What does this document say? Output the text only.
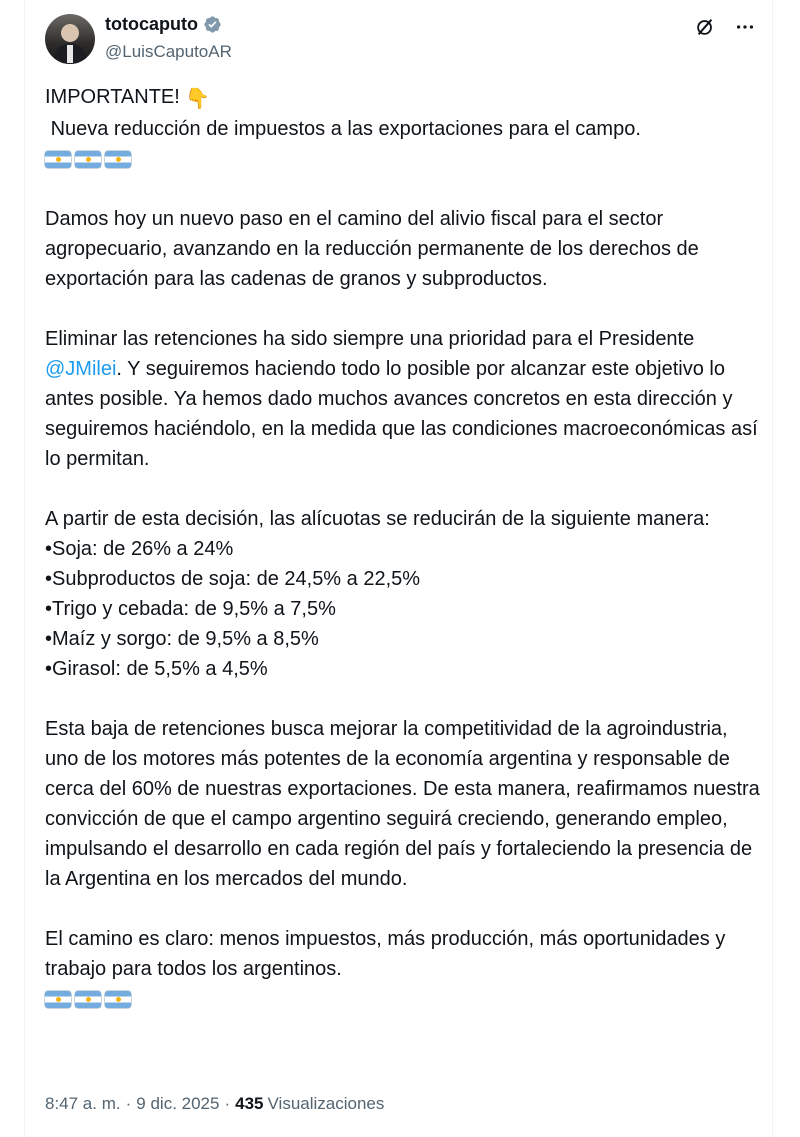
totocaputo
@LuisCaputoAR

IMPORTANTE! 👇

Nueva reducción de impuestos a las exportaciones para el campo.

Damos hoy un nuevo paso en el camino del alivio fiscal para el sector agropecuario, avanzando en la reducción permanente de los derechos de exportación para las cadenas de granos y subproductos.

Eliminar las retenciones ha sido siempre una prioridad para el Presidente @JMilei. Y seguiremos haciendo todo lo posible por alcanzar este objetivo lo antes posible. Ya hemos dado muchos avances concretos en esta dirección y seguiremos haciéndolo, en la medida que las condiciones macroeconómicas así lo permitan.

A partir de esta decisión, las alícuotas se reducirán de la siguiente manera:

•Soja: de 26% a 24%

•Subproductos de soja: de 24,5% a 22,5%

•Trigo y cebada: de 9,5% a 7,5%

•Maíz y sorgo: de 9,5% a 8,5%

•Girasol: de 5,5% a 4,5%

Esta baja de retenciones busca mejorar la competitividad de la agroindustria, uno de los motores más potentes de la economía argentina y responsable de cerca del 60% de nuestras exportaciones. De esta manera, reafirmamos nuestra convicción de que el campo argentino seguirá creciendo, generando empleo, impulsando el desarrollo en cada región del país y fortaleciendo la presencia de la Argentina en los mercados del mundo.

El camino es claro: menos impuestos, más producción, más oportunidades y trabajo para todos los argentinos.

8:47 a. m. · 9 dic. 2025 · 435 Visualizaciones
